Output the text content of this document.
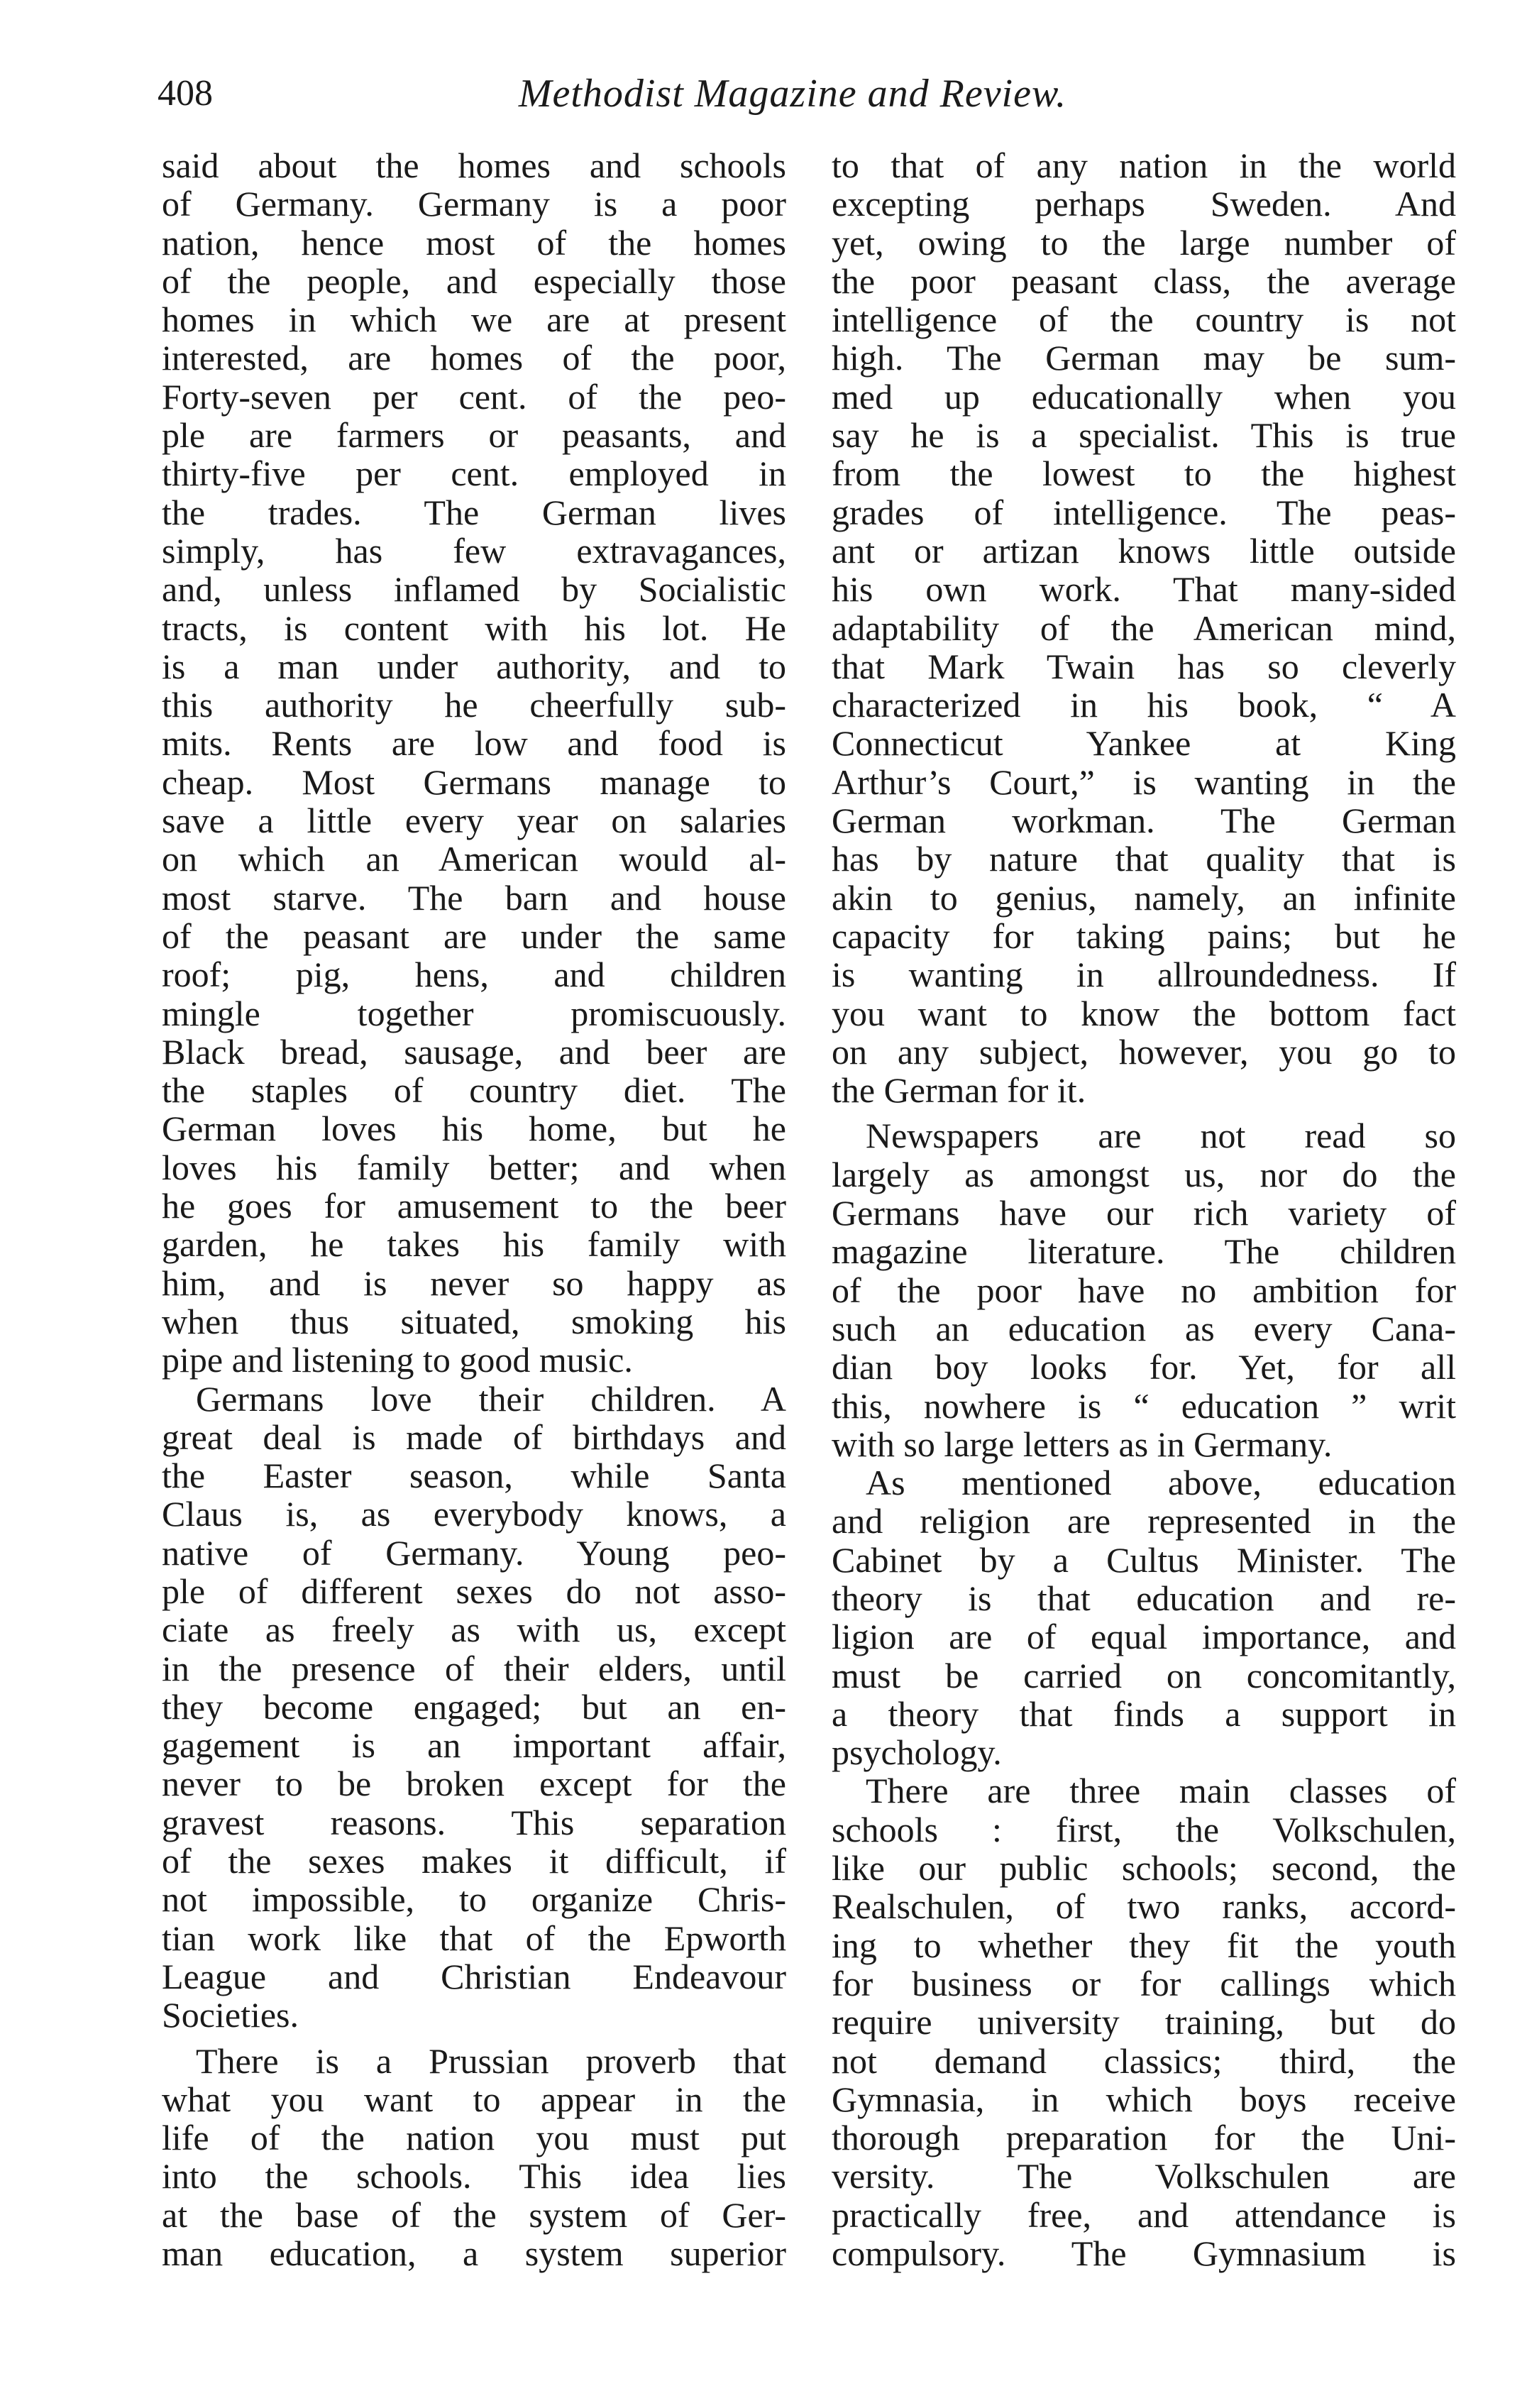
408	Methodist Magazine and Review.
said about the homes and schools
of Germany. Germany is a poor
nation, hence most of the homes
of the people, and especially those
homes in which we are at present
interested, are homes of the poor,
Forty-seven per cent. of the peo-
ple are farmers or peasants, and
thirty-five per cent. employed in
the trades. The German lives
simply, has few extravagances,
and, unless inflamed by Socialistic
tracts, is content with his lot. He
is a man under authority, and to
this authority he cheerfully sub-
mits. Rents are low and food is
cheap. Most Germans manage to
save a little every year on salaries
on which an American would al-
most starve. The barn and house
of the peasant are under the same
roof; pig, hens, and children
mingle together promiscuously.
Black bread, sausage, and beer are
the staples of country diet. The
German loves his home, but he
loves his family better; and when
he goes for amusement to the beer
garden, he takes his family with
him, and is never so happy as
when thus situated, smoking his
pipe and listening to good music.
Germans love their children. A
great deal is made of birthdays and
the Easter season, while Santa
Claus is, as everybody knows, a
native of Germany. Young peo-
ple of different sexes do not asso-
ciate as freely as with us, except
in the presence of their elders, until
they become engaged; but an en-
gagement is an important affair,
never to be broken except for the
gravest reasons. This separation
of the sexes makes it difficult, if
not impossible, to organize Chris-
tian work like that of the Epworth
League and Christian Endeavour
Societies.
There is a Prussian proverb that
what you want to appear in the
life of the nation you must put
into the schools. This idea lies
at the base of the system of Ger-
man education, a system superior
to that of any nation in the world
excepting perhaps Sweden. And
yet, owing to the large number of
the poor peasant class, the average
intelligence of the country is not
high. The German may be sum-
med up educationally when you
say he is a specialist. This is true
from the lowest to the highest
grades of intelligence. The peas-
ant or artizan knows little outside
his own work. That many-sided
adaptability of the American mind,
that Mark Twain has so cleverly
characterized in his book, “ A
Connecticut Yankee at King
Arthur’s Court,” is wanting in the
German workman. The German
has by nature that quality that is
akin to genius, namely, an infinite
capacity for taking pains; but he
is wanting in allroundedness. If
you want to know the bottom fact
on any subject, however, you go to
the German for it.
Newspapers are not read so
largely as amongst us, nor do the
Germans have our rich variety of
magazine literature. The children
of the poor have no ambition for
such an education as every Cana-
dian boy looks for. Yet, for all
this, nowhere is “ education ” writ
with so large letters as in Germany.
As mentioned above, education
and religion are represented in the
Cabinet by a Cultus Minister. The
theory is that education and re-
ligion are of equal importance, and
must be carried on concomitantly,
a theory that finds a support in
psychology.
There are three main classes of
schools : first, the Volkschulen,
like our public schools; second, the
Realschulen, of two ranks, accord-
ing to whether they fit the youth
for business or for callings which
require university training, but do
not demand classics; third, the
Gymnasia, in which boys receive
thorough preparation for the Uni-
versity. The Volkschulen are
practically free, and attendance is
compulsory. The Gymnasium is
